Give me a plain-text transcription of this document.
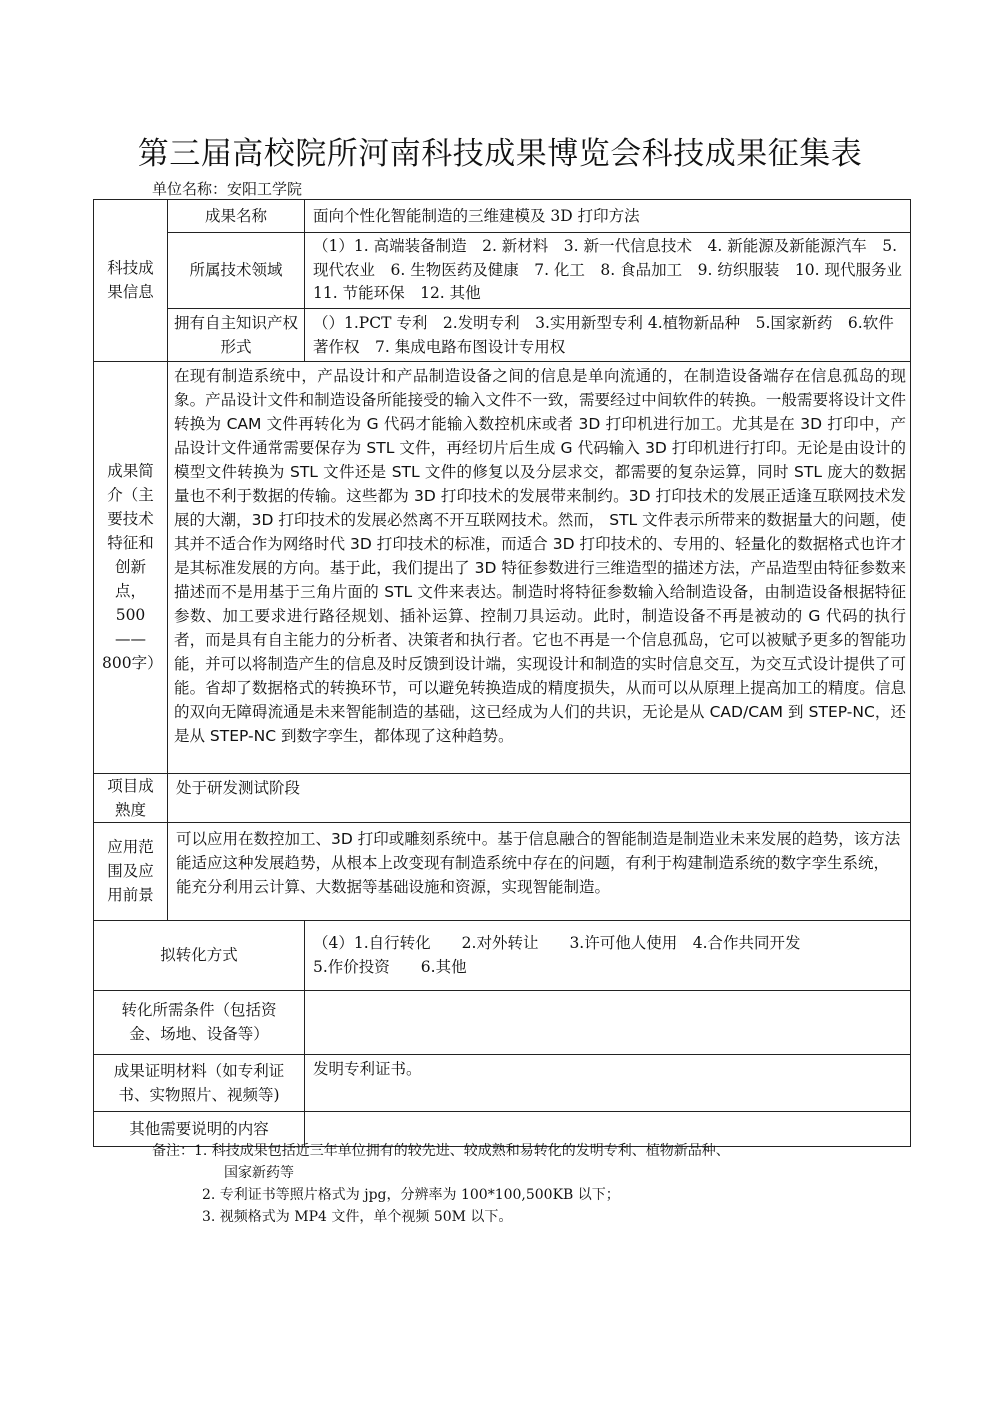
第三届高校院所河南科技成果博览会科技成果征集表
单位名称：安阳工学院
科技成果信息	成果名称	面向个性化智能制造的三维建模及 3D 打印方法
	所属技术领域	（1）1. 高端装备制造　2. 新材料　3. 新一代信息技术　4. 新能源及新能源汽车　5. 现代农业　6. 生物医药及健康　7. 化工　8. 食品加工　9. 纺织服装　10. 现代服务业　11. 节能环保　12. 其他
	拥有自主知识产权形式	（）1.PCT 专利　2.发明专利　3.实用新型专利 4.植物新品种　5.国家新药　6.软件著作权　7. 集成电路布图设计专用权
成果简介（主要技术特征和创新点，500——800字）	在现有制造系统中，产品设计和产品制造设备之间的信息是单向流通的，在制造设备端存在信息孤岛的现象。产品设计文件和制造设备所能接受的输入文件不一致，需要经过中间软件的转换。一般需要将设计文件转换为 CAM 文件再转化为 G 代码才能输入数控机床或者 3D 打印机进行加工。尤其是在 3D 打印中，产品设计文件通常需要保存为 STL 文件，再经切片后生成 G 代码输入 3D 打印机进行打印。无论是由设计的模型文件转换为 STL 文件还是 STL 文件的修复以及分层求交，都需要的复杂运算，同时 STL 庞大的数据量也不利于数据的传输。这些都为 3D 打印技术的发展带来制约。3D 打印技术的发展正适逢互联网技术发展的大潮，3D 打印技术的发展必然离不开互联网技术。然而， STL 文件表示所带来的数据量大的问题，使其并不适合作为网络时代 3D 打印技术的标准，而适合 3D 打印技术的、专用的、轻量化的数据格式也许才是其标准发展的方向。基于此，我们提出了 3D 特征参数进行三维造型的描述方法，产品造型由特征参数来描述而不是用基于三角片面的 STL 文件来表达。制造时将特征参数输入给制造设备，由制造设备根据特征参数、加工要求进行路径规划、插补运算、控制刀具运动。此时，制造设备不再是被动的 G 代码的执行者，而是具有自主能力的分析者、决策者和执行者。它也不再是一个信息孤岛，它可以被赋予更多的智能功能，并可以将制造产生的信息及时反馈到设计端，实现设计和制造的实时信息交互，为交互式设计提供了可能。省却了数据格式的转换环节，可以避免转换造成的精度损失，从而可以从原理上提高加工的精度。信息的双向无障碍流通是未来智能制造的基础，这已经成为人们的共识，无论是从 CAD/CAM 到 STEP-NC，还是从 STEP-NC 到数字孪生，都体现了这种趋势。	
项目成熟度	处于研发测试阶段	
应用范围及应用前景	可以应用在数控加工、3D 打印或雕刻系统中。基于信息融合的智能制造是制造业未来发展的趋势，该方法能适应这种发展趋势，从根本上改变现有制造系统中存在的问题，有利于构建制造系统的数字孪生系统，能充分利用云计算、大数据等基础设施和资源，实现智能制造。	
拟转化方式		（4）1.自行转化　　2.对外转让　　3.许可他人使用　4.合作共同开发
5.作价投资　　6.其他

转化所需条件（包括资金、场地、设备等）		
成果证明材料（如专利证书、实物照片、视频等)		发明专利证书。
其他需要说明的内容		
备注：1. 科技成果包括近三年单位拥有的较先进、较成熟和易转化的发明专利、植物新品种、
国家新药等
2. 专利证书等照片格式为 jpg，分辨率为 100*100,500KB 以下；
3. 视频格式为 MP4 文件，单个视频 50M 以下。
